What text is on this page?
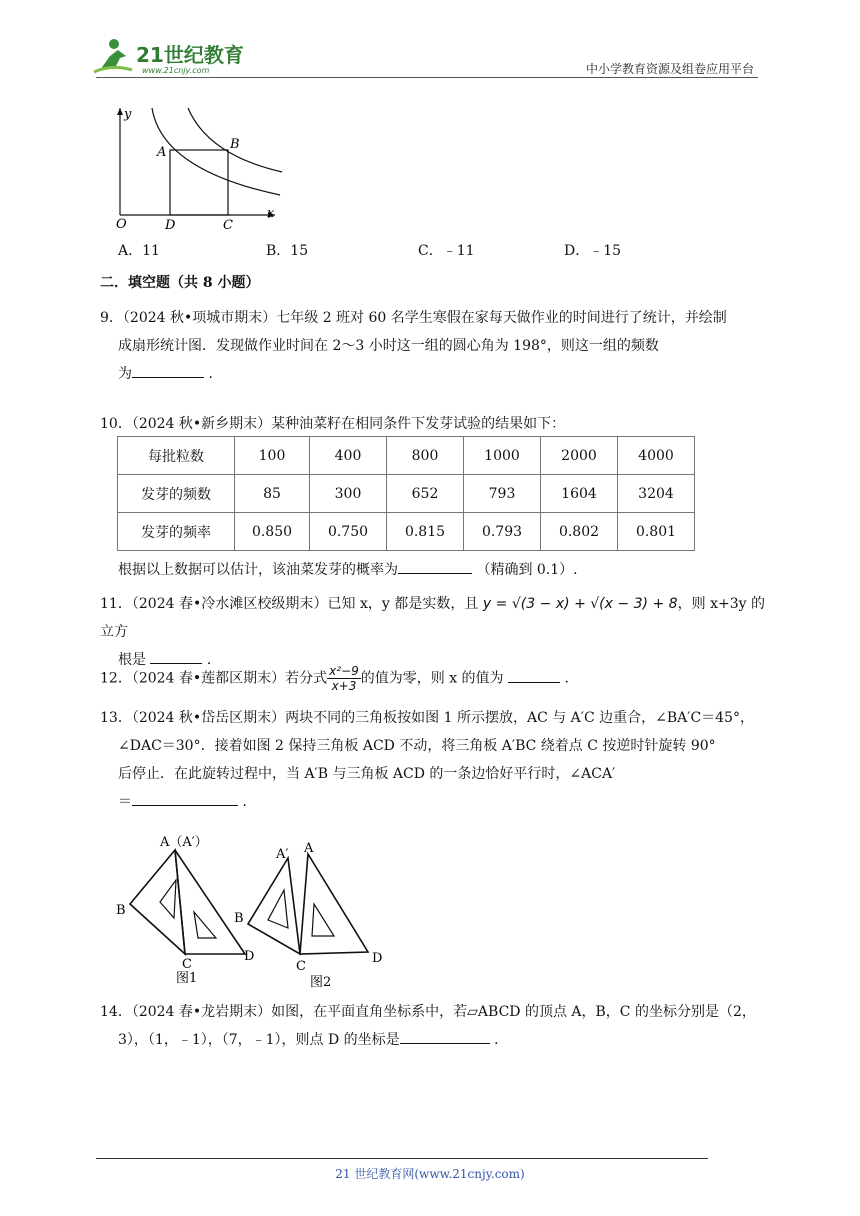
21世纪教育
www.21cnjy.com	中小学教育资源及组卷应用平台
y
x
O
A
B
C
D
A．11	B．15	C．﹣11	D．﹣15
二．填空题（共 8 小题）
9．（2024 秋•项城市期末）七年级 2 班对 60 名学生寒假在家每天做作业的时间进行了统计，并绘制
成扇形统计图．发现做作业时间在 2～3 小时这一组的圆心角为 198°，则这一组的频数
为	．
10．（2024 秋•新乡期末）某种油菜籽在相同条件下发芽试验的结果如下：
每批粒数	100	400	800	1000	2000	4000
发芽的频数	85	300	652	793	1604	3204
发芽的频率	0.850	0.750	0.815	0.793	0.802	0.801
根据以上数据可以估计，该油菜发芽的概率为	（精确到 0.1）.
11．（2024 春•冷水滩区校级期末）已知 x，y 都是实数，且 y = √(3 − x) + √(x − 3) + 8，则 x+3y 的立方
根是	．
12．（2024 春•莲都区期末）若分式 $\frac{\text{x²−9}}{x+3}$ 的值为零，则 x 的值为	．
13．（2024 秋•岱岳区期末）两块不同的三角板按如图 1 所示摆放，AC 与 A′C 边重合，∠BA′C＝45°，
∠DAC＝30°．接着如图 2 保持三角板 ACD 不动，将三角板 A′BC 绕着点 C 按逆时针旋转 90°
后停止．在此旋转过程中，当 A′B 与三角板 ACD 的一条边恰好平行时，∠ACA′
＝	．
A（A′）
B
C
D
图1
A′ A
B
C
D
图2
14．（2024 春•龙岩期末）如图，在平面直角坐标系中，若▱ABCD 的顶点 A，B，C 的坐标分别是（2，
3），（1，﹣1），（7，﹣1），则点 D 的坐标是	．
21 世纪教育网(www.21cnjy.com)
